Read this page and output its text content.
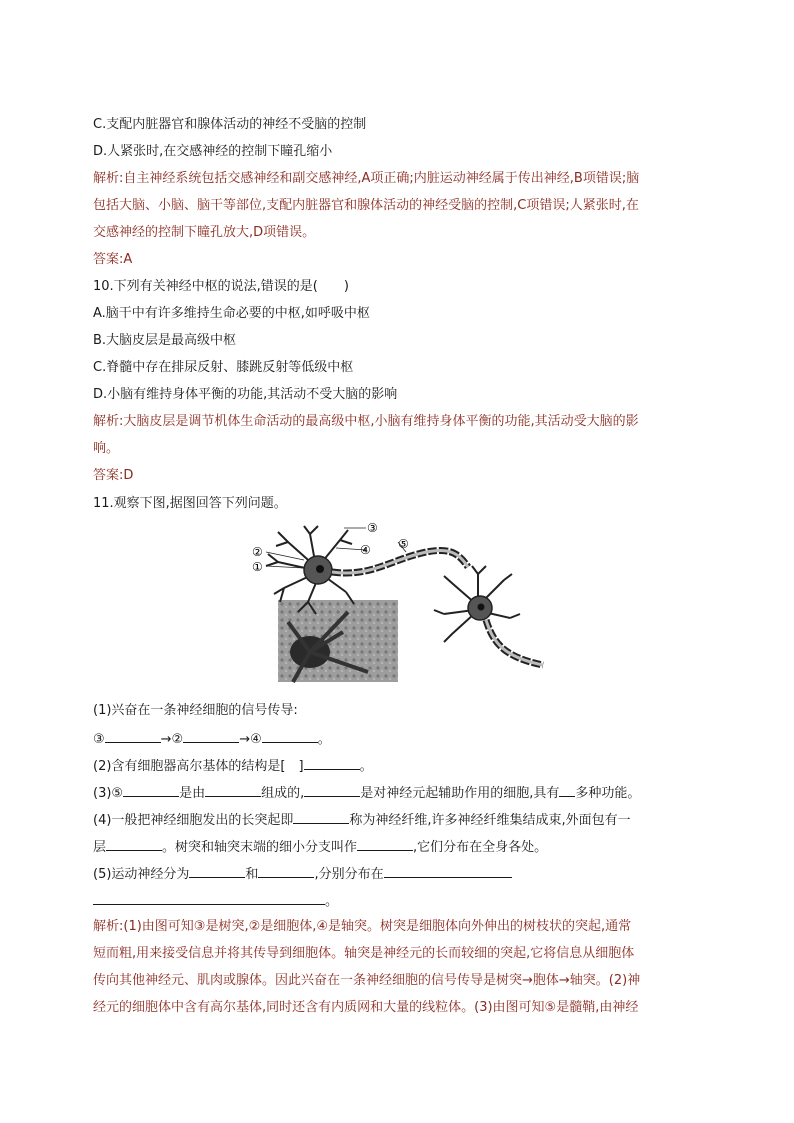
C.支配内脏器官和腺体活动的神经不受脑的控制
D.人紧张时,在交感神经的控制下瞳孔缩小
解析:自主神经系统包括交感神经和副交感神经,A项正确;内脏运动神经属于传出神经,B项错误;脑
包括大脑、小脑、脑干等部位,支配内脏器官和腺体活动的神经受脑的控制,C项错误;人紧张时,在
交感神经的控制下瞳孔放大,D项错误。
答案:A
10.下列有关神经中枢的说法,错误的是(　　)
A.脑干中有许多维持生命必要的中枢,如呼吸中枢
B.大脑皮层是最高级中枢
C.脊髓中存在排尿反射、膝跳反射等低级中枢
D.小脑有维持身体平衡的功能,其活动不受大脑的影响
解析:大脑皮层是调节机体生命活动的最高级中枢,小脑有维持身体平衡的功能,其活动受大脑的影
响。
答案:D
11.观察下图,据图回答下列问题。
②
①
③
④ ⑤
(1)兴奋在一条神经细胞的信号传导:
③	→②	→④	。
(2)含有细胞器高尔基体的结构是[　]	。
(3)⑤	是由	组成的,	是对神经元起辅助作用的细胞,具有 多种功能。
(4)一般把神经细胞发出的长突起即	称为神经纤维,许多神经纤维集结成束,外面包有一
层	。树突和轴突末端的细小分支叫作	,它们分布在全身各处。
(5)运动神经分为	和	,分别分布在
。
解析:(1)由图可知③是树突,②是细胞体,④是轴突。树突是细胞体向外伸出的树枝状的突起,通常
短而粗,用来接受信息并将其传导到细胞体。轴突是神经元的长而较细的突起,它将信息从细胞体
传向其他神经元、肌肉或腺体。因此兴奋在一条神经细胞的信号传导是树突→胞体→轴突。(2)神
经元的细胞体中含有高尔基体,同时还含有内质网和大量的线粒体。(3)由图可知⑤是髓鞘,由神经
